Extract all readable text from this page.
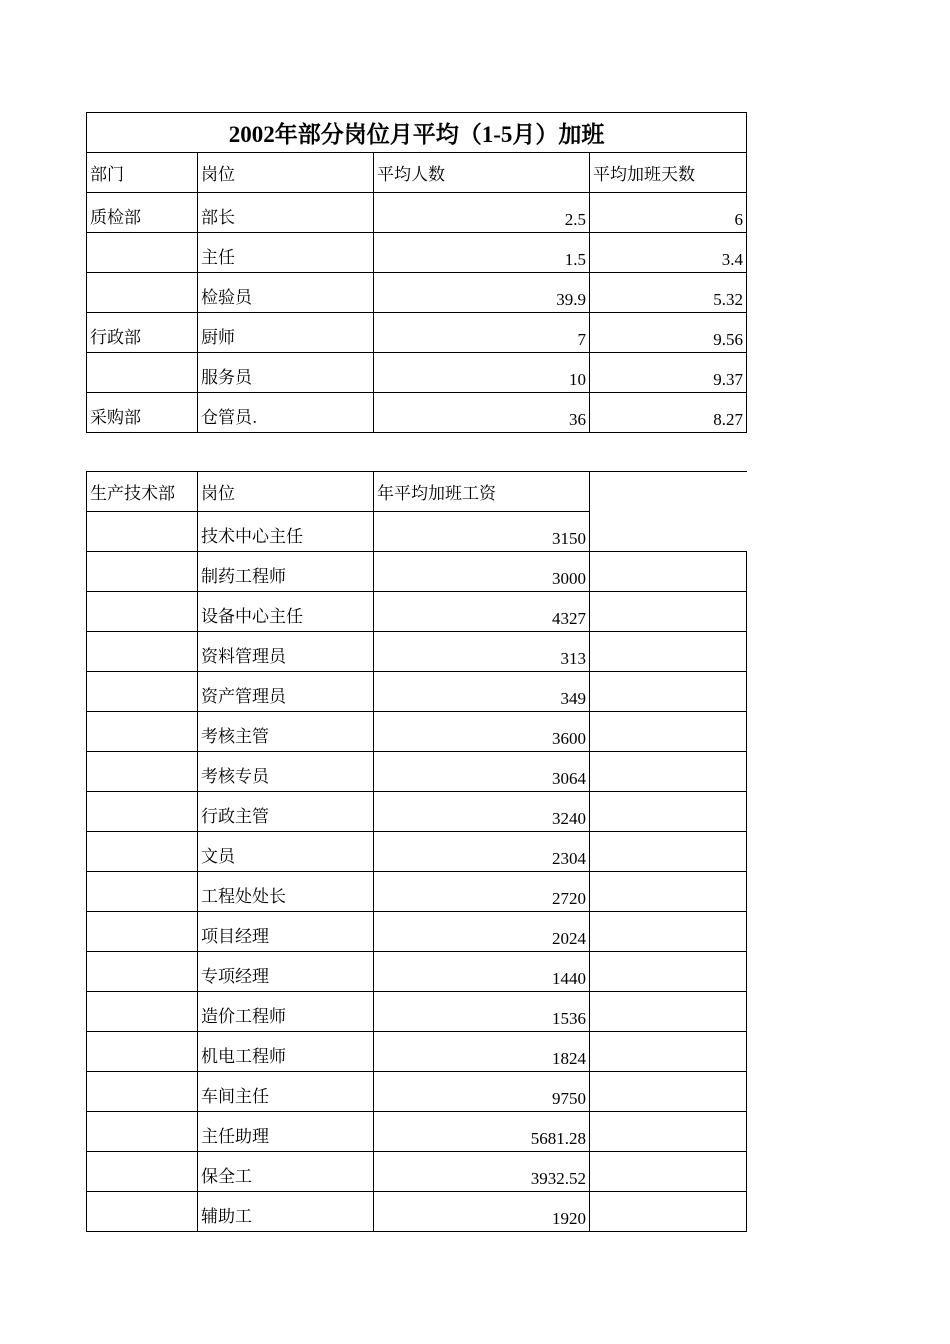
2002年部分岗位月平均（1-5月）加班			
部门	岗位	平均人数	平均加班天数
质检部	部长	2.5	6
	主任	1.5	3.4
	检验员	39.9	5.32
行政部	厨师	7	9.56
	服务员	10	9.37
采购部	仓管员.	36	8.27
生产技术部	岗位	年平均加班工资	
	技术中心主任	3150	
	制药工程师	3000	
	设备中心主任	4327	
	资料管理员	313	
	资产管理员	349	
	考核主管	3600	
	考核专员	3064	
	行政主管	3240	
	文员	2304	
	工程处处长	2720	
	项目经理	2024	
	专项经理	1440	
	造价工程师	1536	
	机电工程师	1824	
	车间主任	9750	
	主任助理	5681.28	
	保全工	3932.52	
	辅助工	1920	
